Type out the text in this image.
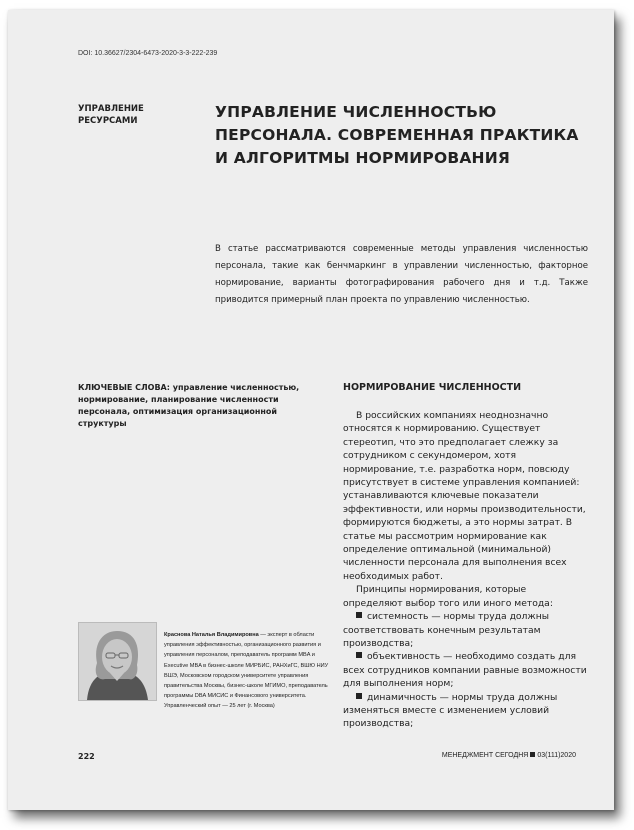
DOI: 10.36627/2304-6473-2020-3-3-222-239
УПРАВЛЕНИЕ
РЕСУРСАМИ	УПРАВЛЕНИЕ ЧИСЛЕННОСТЬЮ ПЕРСОНАЛА. СОВРЕМЕННАЯ ПРАКТИКА И АЛГОРИТМЫ НОРМИРОВАНИЯ
В статье рассматриваются современные методы управления численностью персонала, такие как бенчмаркинг в управлении численностью, факторное нормирование, варианты фотографирования рабочего дня и т.д. Также приводится примерный план проекта по управлению численностью.
КЛЮЧЕВЫЕ СЛОВА: управление численностью, нормирование, планирование численности персонала, оптимизация организационной структуры
НОРМИРОВАНИЕ ЧИСЛЕННОСТИ

В российских компаниях неоднозначно относятся к нормированию. Существует стереотип, что это предполагает слежку за сотрудником с секундомером, хотя нормирование, т.е. разработка норм, повсюду присутствует в системе управления компанией: устанавливаются ключевые показатели эффективности, или нормы производительности, формируются бюджеты, а это нормы затрат. В статье мы рассмотрим нормирование как определение оптимальной (минимальной) численности персонала для выполнения всех необходимых работ.

Принципы нормирования, которые определяют выбор того или иного метода:

системность — нормы труда должны соответствовать конечным результатам производства;

объективность — необходимо создать для всех сотрудников компании равные возможности для выполнения норм;

динамичность — нормы труда должны изменяться вместе с изменением условий производства;

Краснова Наталья Владимировна — эксперт в области управления эффективностью, организационного развития и управления персоналом, преподаватель программ MBA и Executive MBA в бизнес-школе МИРБИС, РАНХиГС, ВШЮ НИУ ВШЭ, Московском городском университете управления правительства Москвы, бизнес-школе МГИМО, преподаватель программы DBA МИСИС и Финансового университета. Управленческий опыт — 25 лет (г. Москва)
222	МЕНЕДЖМЕНТ СЕГОДНЯ 03(111)2020
